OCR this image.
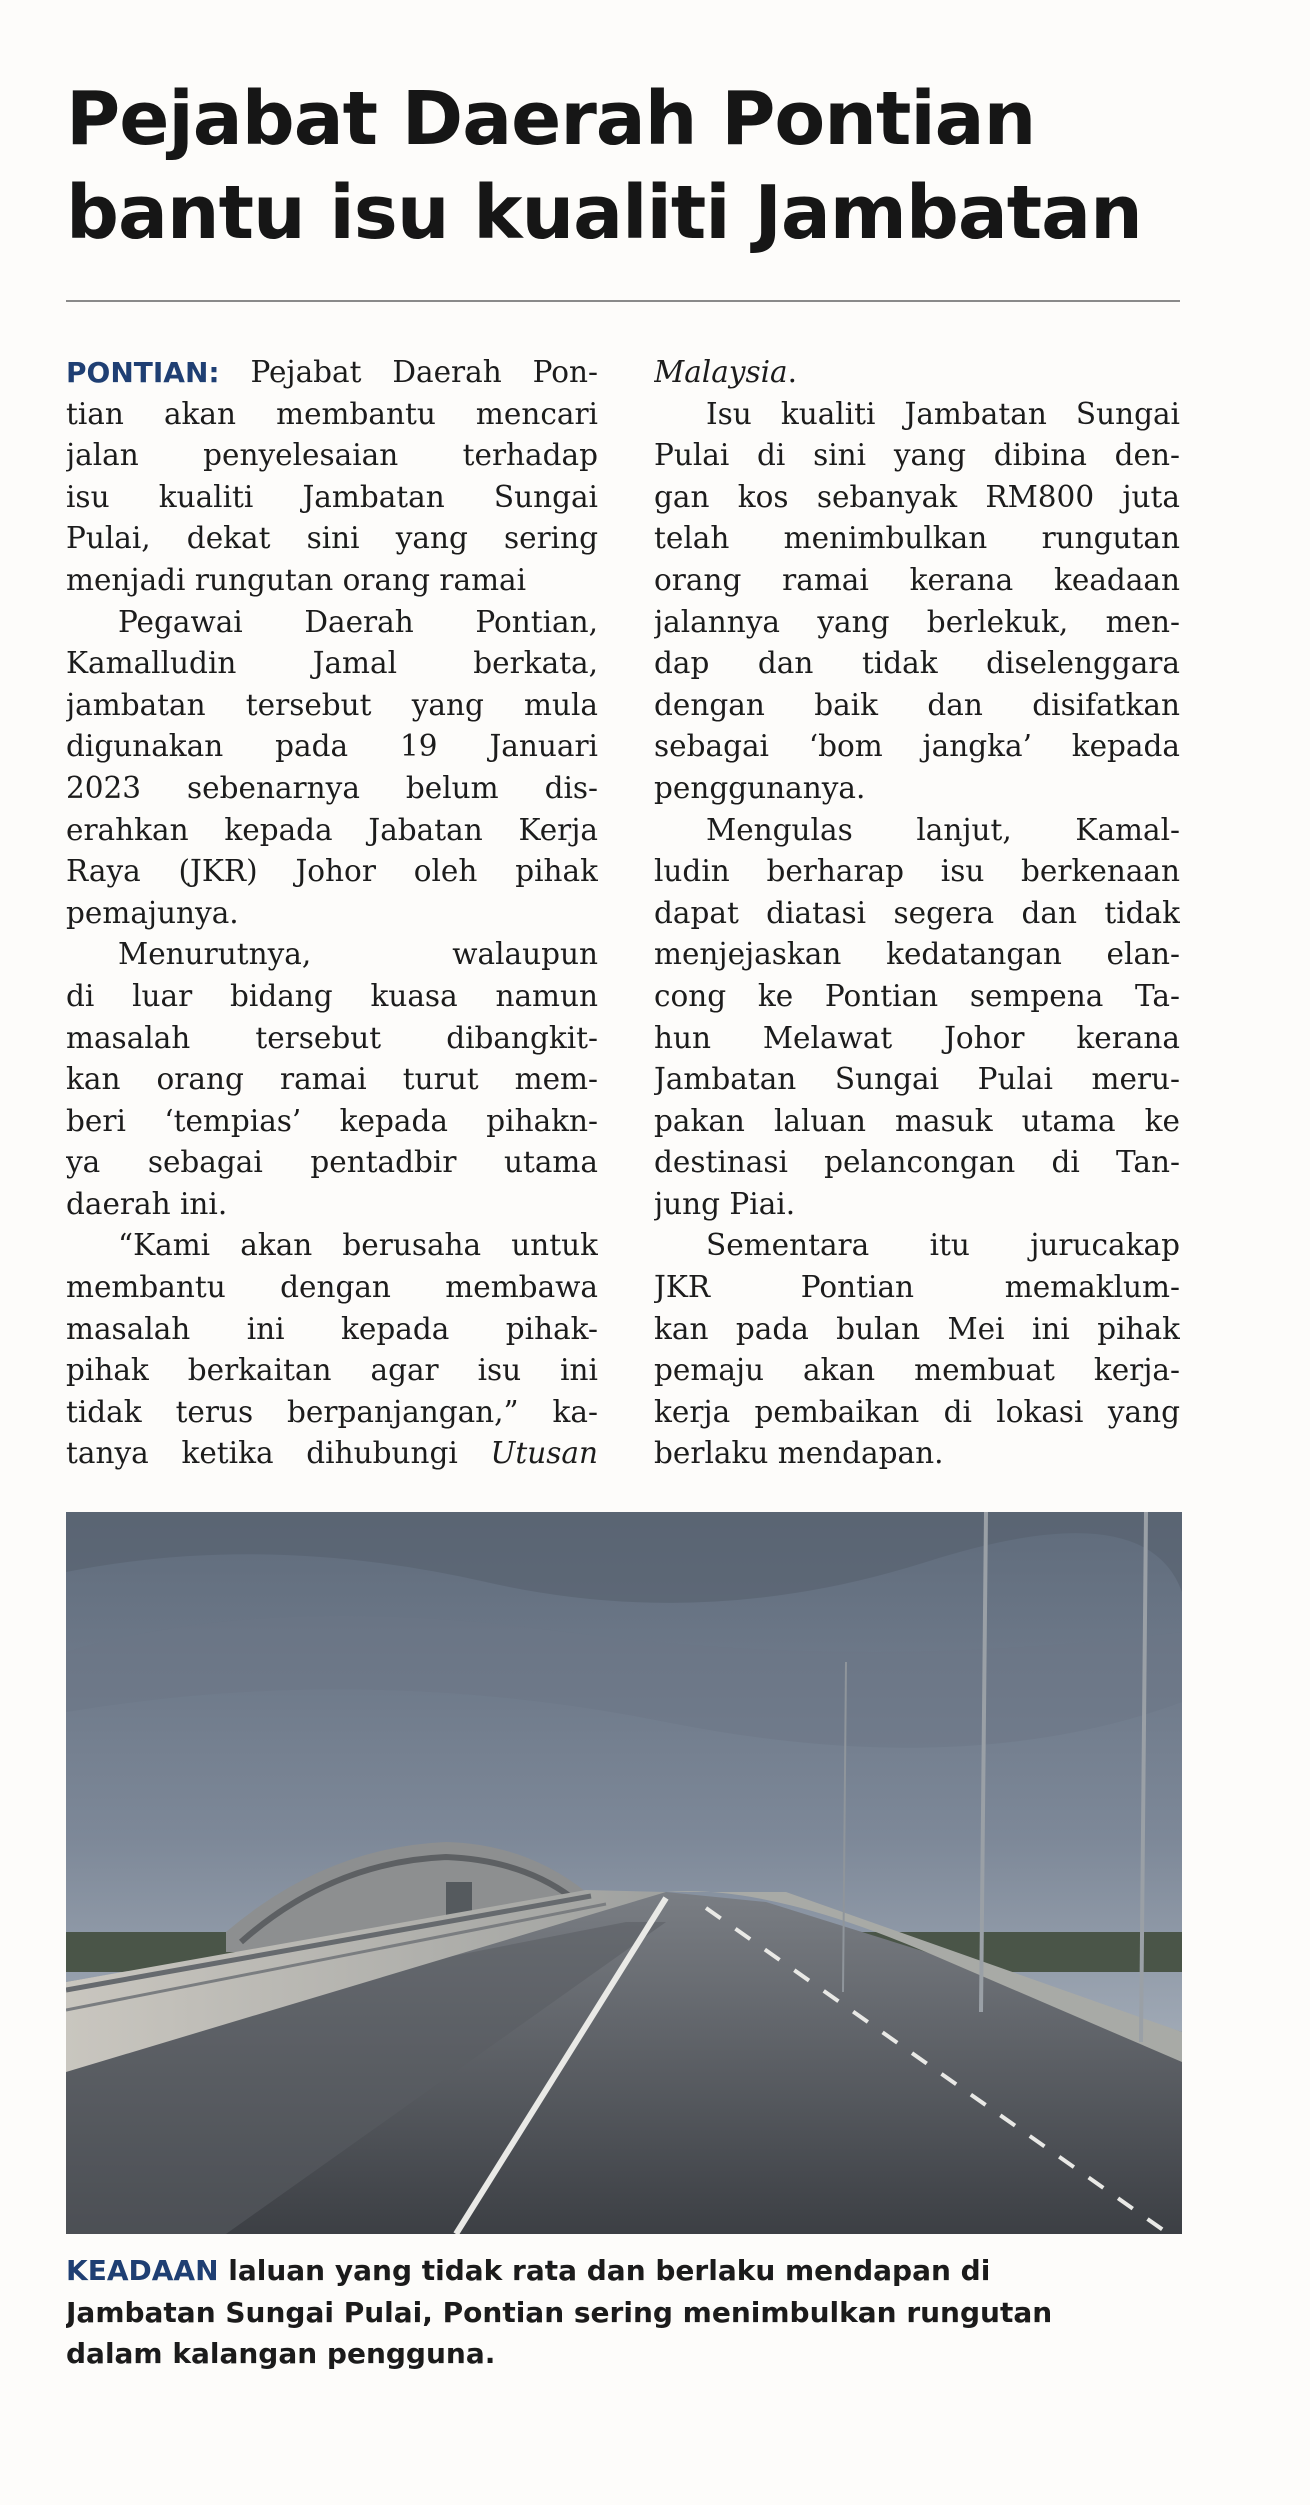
Pejabat Daerah Pontian
bantu isu kualiti Jambatan
PONTIAN: Pejabat Daerah Pon-
tian akan membantu mencari
jalan penyelesaian terhadap
isu kualiti Jambatan Sungai
Pulai, dekat sini yang sering
menjadi rungutan orang ramai
Pegawai Daerah Pontian,
Kamalludin Jamal berkata,
jambatan tersebut yang mula
digunakan pada 19 Januari
2023 sebenarnya belum dis-
erahkan kepada Jabatan Kerja
Raya (JKR) Johor oleh pihak
pemajunya.
Menurutnya, walaupun
di luar bidang kuasa namun
masalah tersebut dibangkit-
kan orang ramai turut mem-
beri ‘tempias’ kepada pihakn-
ya sebagai pentadbir utama
daerah ini.
“Kami akan berusaha untuk
membantu dengan membawa
masalah ini kepada pihak-
pihak berkaitan agar isu ini
tidak terus berpanjangan,” ka-
tanya ketika dihubungi Utusan
Malaysia.
Isu kualiti Jambatan Sungai
Pulai di sini yang dibina den-
gan kos sebanyak RM800 juta
telah menimbulkan rungutan
orang ramai kerana keadaan
jalannya yang berlekuk, men-
dap dan tidak diselenggara
dengan baik dan disifatkan
sebagai ‘bom jangka’ kepada
penggunanya.
Mengulas lanjut, Kamal-
ludin berharap isu berkenaan
dapat diatasi segera dan tidak
menjejaskan kedatangan elan-
cong ke Pontian sempena Ta-
hun Melawat Johor kerana
Jambatan Sungai Pulai meru-
pakan laluan masuk utama ke
destinasi pelancongan di Tan-
jung Piai.
Sementara itu jurucakap
JKR Pontian memaklum-
kan pada bulan Mei ini pihak
pemaju akan membuat kerja-
kerja pembaikan di lokasi yang
berlaku mendapan.
KEADAAN laluan yang tidak rata dan berlaku mendapan di
Jambatan Sungai Pulai, Pontian sering menimbulkan rungutan
dalam kalangan pengguna.
